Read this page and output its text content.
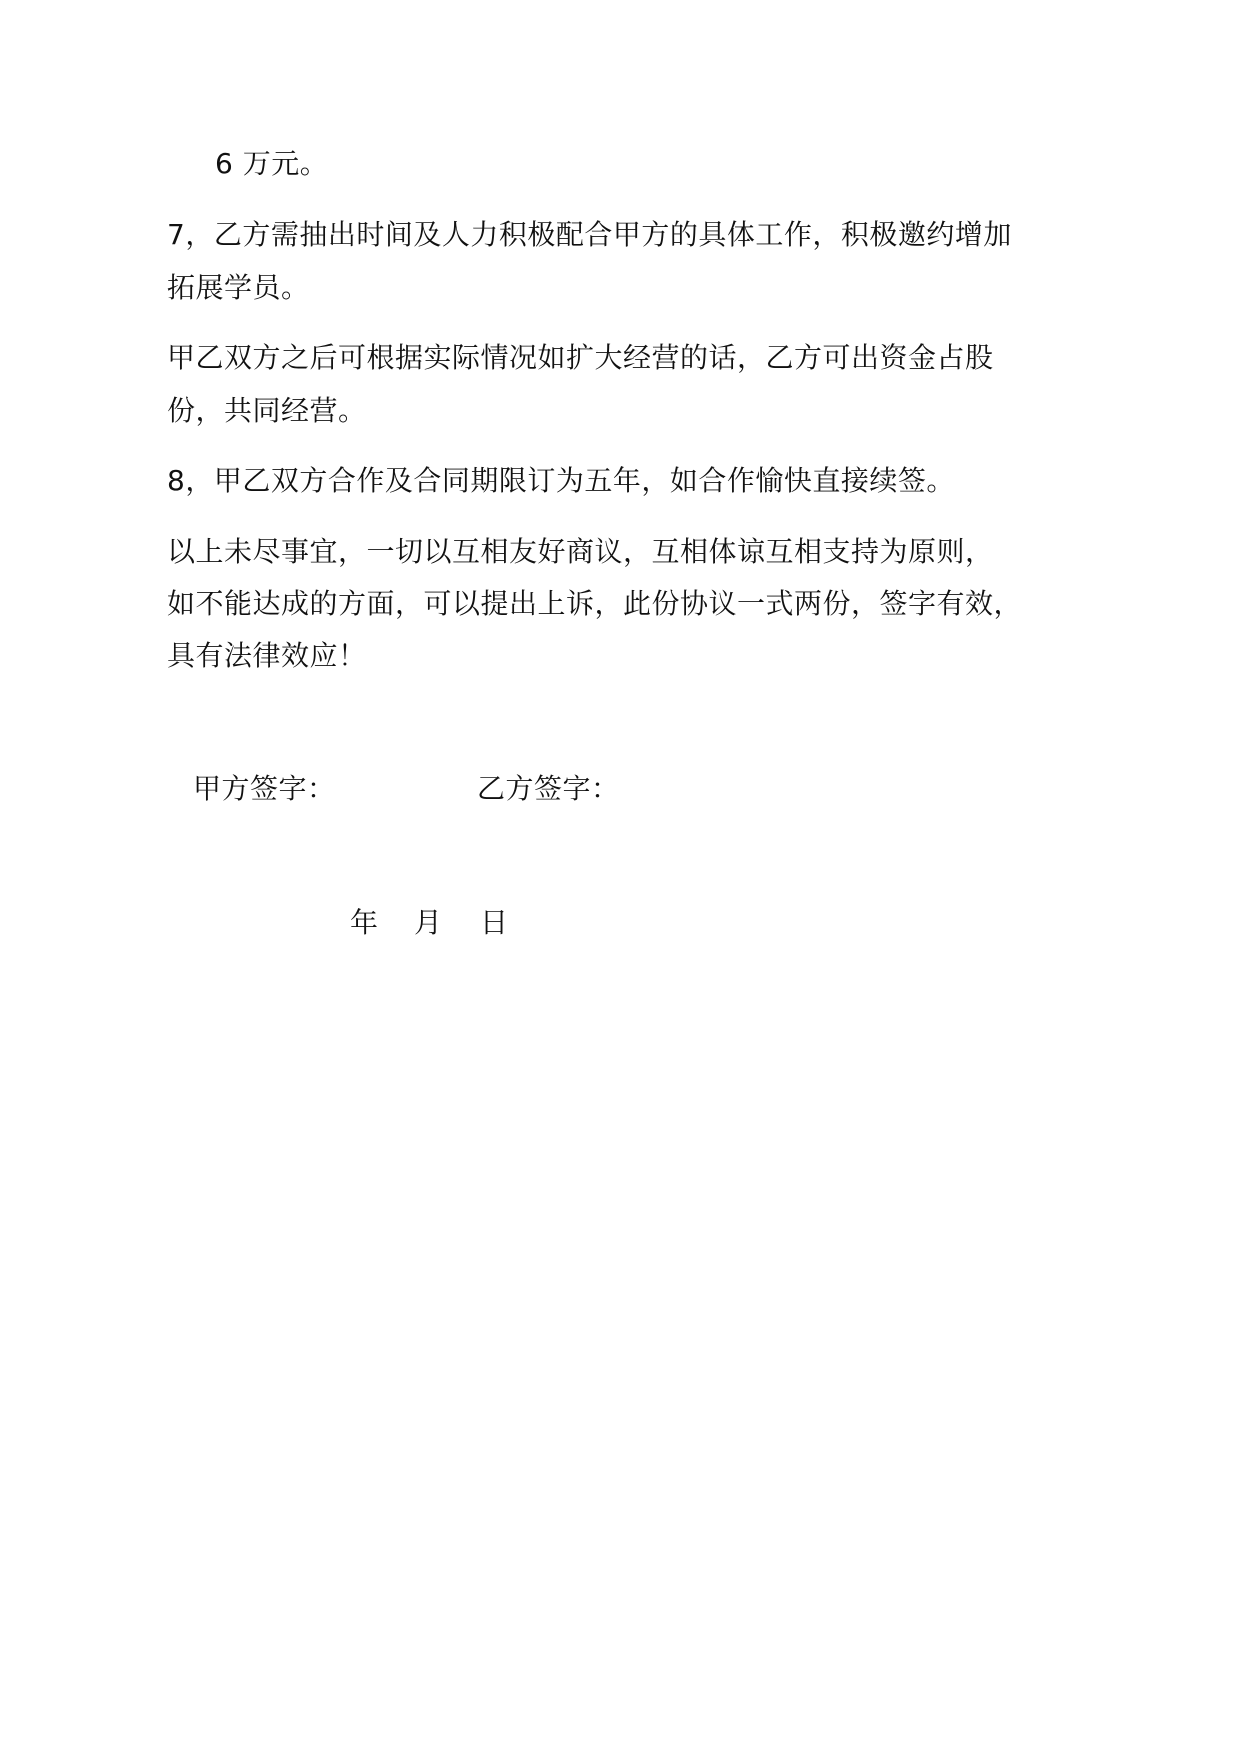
6 万元。
7，乙方需抽出时间及人力积极配合甲方的具体工作，积极邀约增加
拓展学员。
甲乙双方之后可根据实际情况如扩大经营的话，乙方可出资金占股
份，共同经营。
8，甲乙双方合作及合同期限订为五年，如合作愉快直接续签。
以上未尽事宜，一切以互相友好商议，互相体谅互相支持为原则，
如不能达成的方面，可以提出上诉，此份协议一式两份，签字有效，
具有法律效应！
甲方签字：	乙方签字：
年 月 日
